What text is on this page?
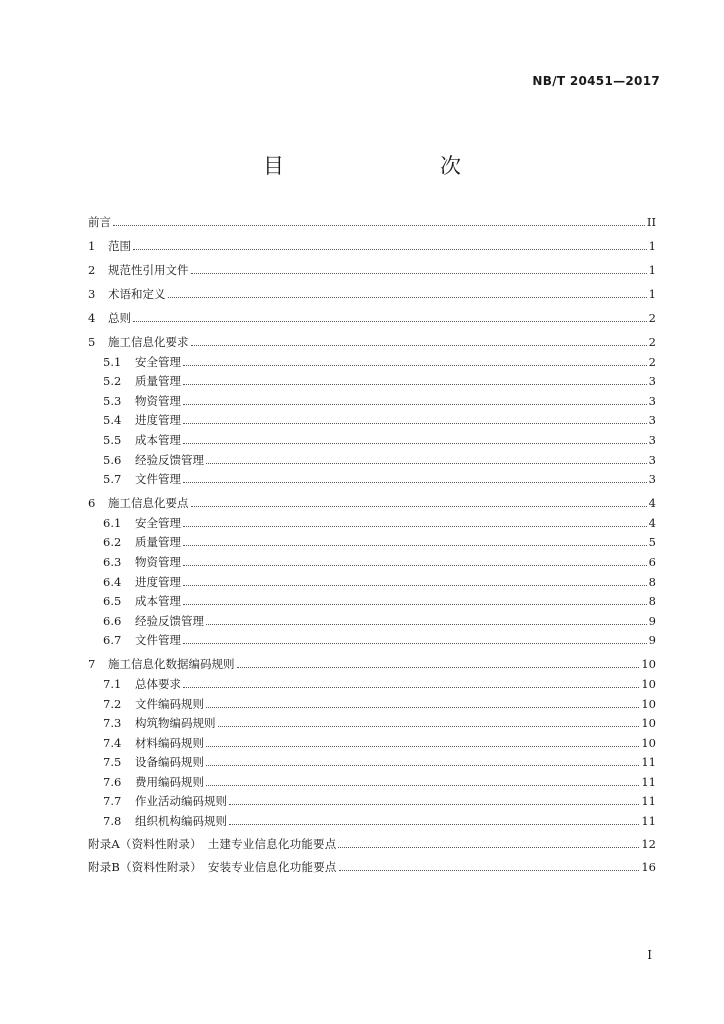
NB/T 20451—2017
目　　次
前言	II
1	范围	1
2	规范性引用文件	1
3	术语和定义	1
4	总则	2
5	施工信息化要求	2
5.1	安全管理	2
5.2	质量管理	3
5.3	物资管理	3
5.4	进度管理	3
5.5	成本管理	3
5.6	经验反馈管理	3
5.7	文件管理	3
6	施工信息化要点	4
6.1	安全管理	4
6.2	质量管理	5
6.3	物资管理	6
6.4	进度管理	8
6.5	成本管理	8
6.6	经验反馈管理	9
6.7	文件管理	9
7	施工信息化数据编码规则	10
7.1	总体要求	10
7.2	文件编码规则	10
7.3	构筑物编码规则	10
7.4	材料编码规则	10
7.5	设备编码规则	11
7.6	费用编码规则	11
7.7	作业活动编码规则	11
7.8	组织机构编码规则	11
附录A（资料性附录）　土建专业信息化功能要点	12
附录B（资料性附录）　安装专业信息化功能要点	16
I
